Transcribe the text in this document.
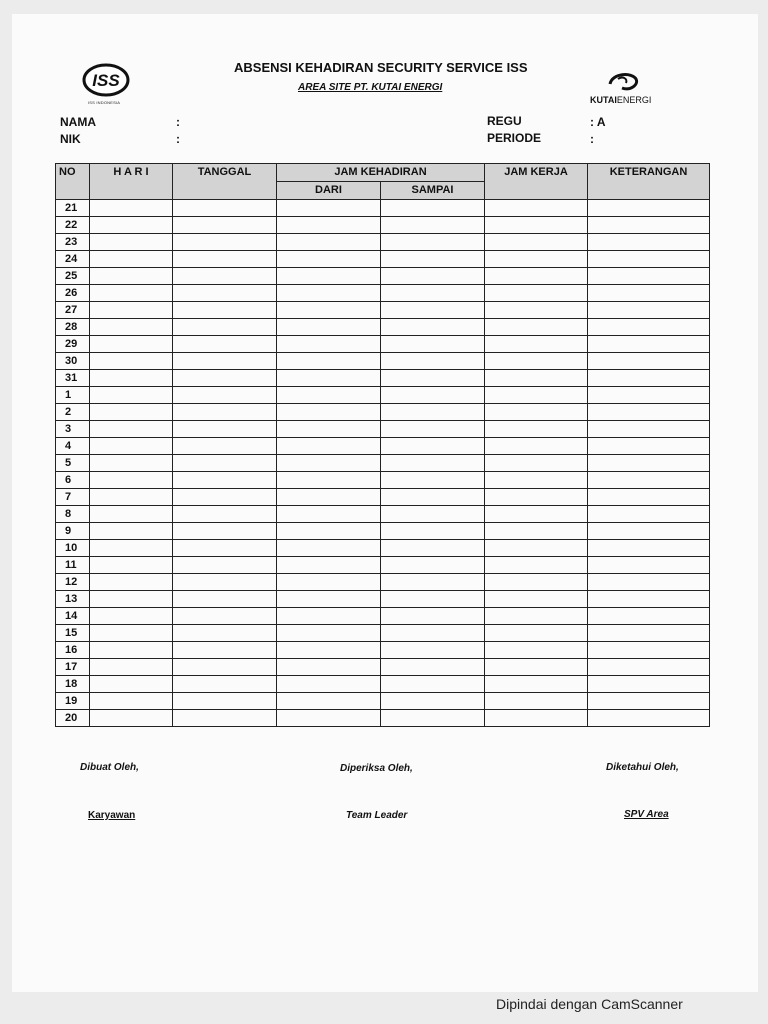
ISS
ISS INDONESIA	KUTAIENERGI
ABSENSI KEHADIRAN SECURITY SERVICE ISS
AREA SITE PT. KUTAI ENERGI
NAMA	:
NIK	:
REGU	: A
PERIODE	:
NO	H A R I	TANGGAL	JAM KEHADIRAN		JAM KERJA	KETERANGAN
			DARI	SAMPAI		
21						
22						
23						
24						
25						
26						
27						
28						
29						
30						
31						
1						
2						
3						
4						
5						
6						
7						
8						
9						
10						
11						
12						
13						
14						
15						
16						
17						
18						
19						
20						
Dibuat Oleh,	Diperiksa Oleh,	Diketahui Oleh,
Karyawan	Team Leader	SPV Area
Dipindai dengan CamScanner
